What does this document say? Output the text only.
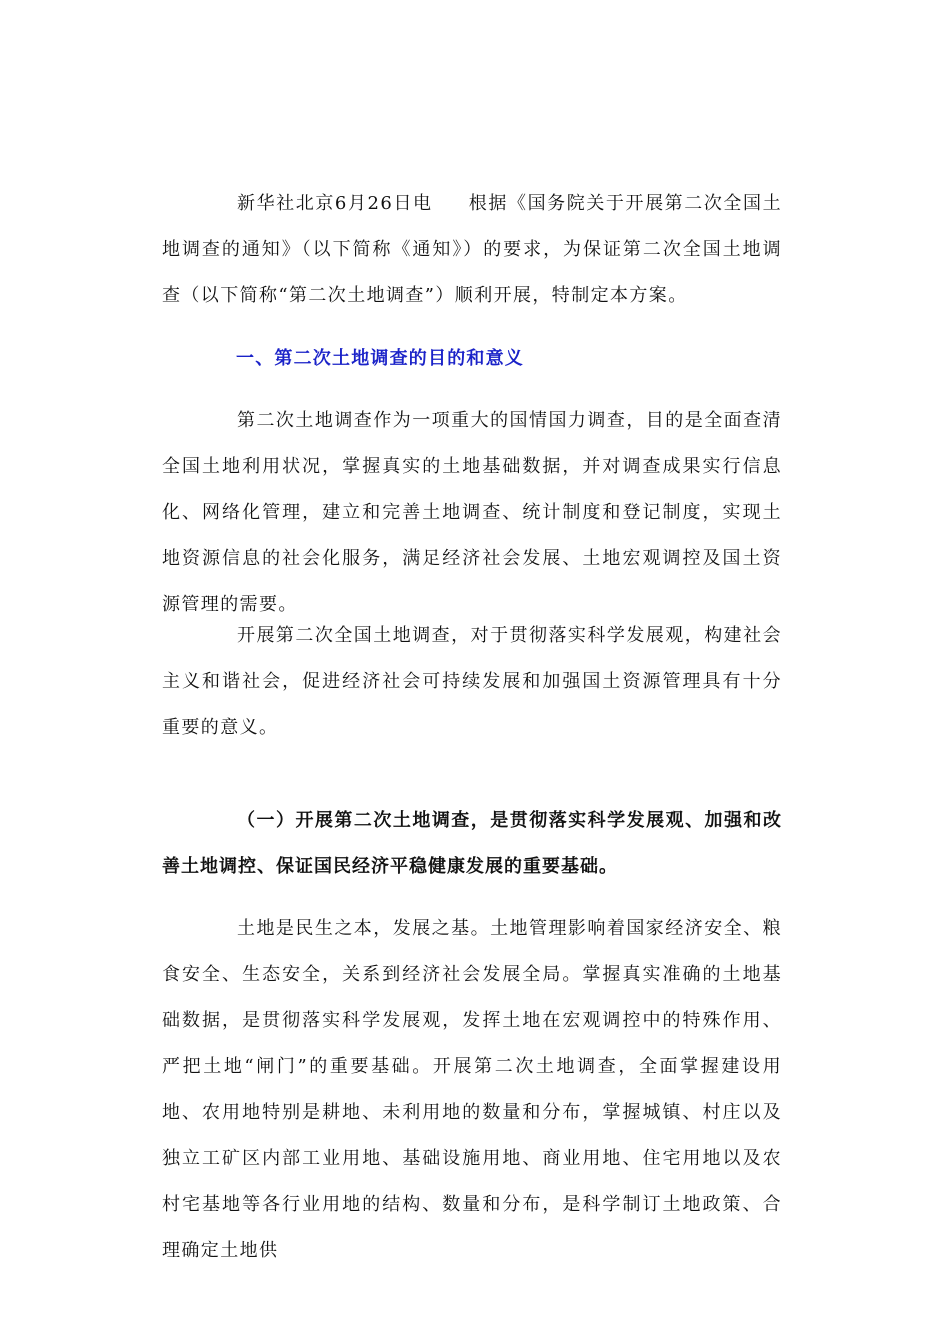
新华社北京6月26日电 根据《国务院关于开展第二次全国土地调查的通知》（以下简称《通知》）的要求，为保证第二次全国土地调查（以下简称“第二次土地调查”）顺利开展，特制定本方案。

一、第二次土地调查的目的和意义

第二次土地调查作为一项重大的国情国力调查，目的是全面查清全国土地利用状况，掌握真实的土地基础数据，并对调查成果实行信息化、网络化管理，建立和完善土地调查、统计制度和登记制度，实现土地资源信息的社会化服务，满足经济社会发展、土地宏观调控及国土资源管理的需要。

开展第二次全国土地调查，对于贯彻落实科学发展观，构建社会主义和谐社会，促进经济社会可持续发展和加强国土资源管理具有十分重要的意义。

（一）开展第二次土地调查，是贯彻落实科学发展观、加强和改善土地调控、保证国民经济平稳健康发展的重要基础。

土地是民生之本，发展之基。土地管理影响着国家经济安全、粮食安全、生态安全，关系到经济社会发展全局。掌握真实准确的土地基础数据，是贯彻落实科学发展观，发挥土地在宏观调控中的特殊作用、严把土地“闸门”的重要基础。开展第二次土地调查，全面掌握建设用地、农用地特别是耕地、未利用地的数量和分布，掌握城镇、村庄以及独立工矿区内部工业用地、基础设施用地、商业用地、住宅用地以及农村宅基地等各行业用地的结构、数量和分布，是科学制订土地政策、合理确定土地供
